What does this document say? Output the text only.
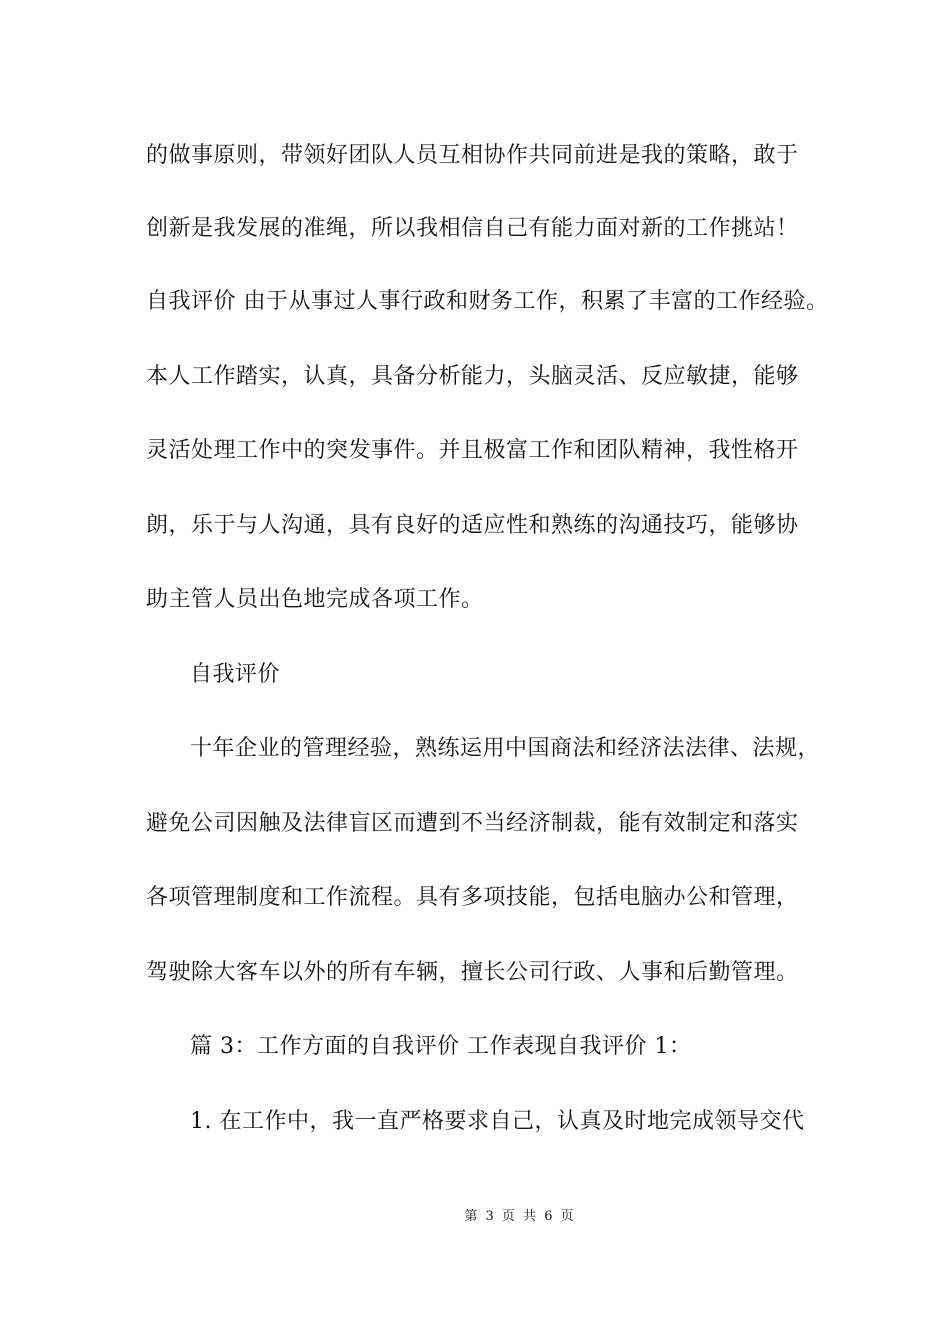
的做事原则，带领好团队人员互相协作共同前进是我的策略，敢于
创新是我发展的准绳，所以我相信自己有能力面对新的工作挑站！
自我评价 由于从事过人事行政和财务工作，积累了丰富的工作经验。
本人工作踏实，认真，具备分析能力，头脑灵活、反应敏捷，能够
灵活处理工作中的突发事件。并且极富工作和团队精神，我性格开
朗，乐于与人沟通，具有良好的适应性和熟练的沟通技巧，能够协
助主管人员出色地完成各项工作。
自我评价
十年企业的管理经验，熟练运用中国商法和经济法法律、法规，
避免公司因触及法律盲区而遭到不当经济制裁，能有效制定和落实
各项管理制度和工作流程。具有多项技能，包括电脑办公和管理，
驾驶除大客车以外的所有车辆，擅长公司行政、人事和后勤管理。
篇 3：工作方面的自我评价 工作表现自我评价 1：
1. 在工作中，我一直严格要求自己，认真及时地完成领导交代
第 3 页 共 6 页
